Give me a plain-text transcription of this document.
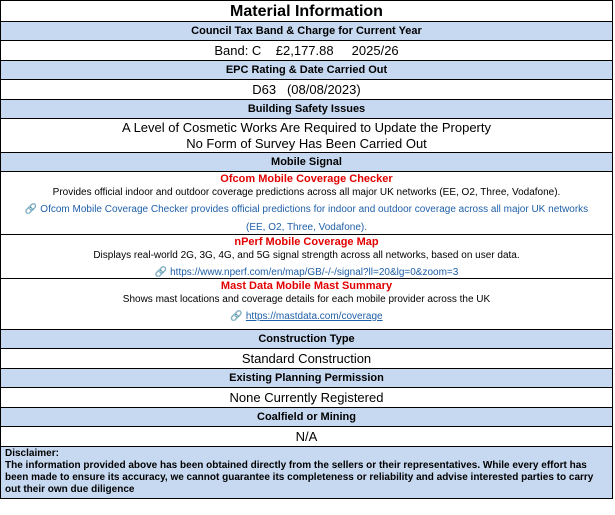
Material Information
Council Tax Band & Charge for Current Year
Band: C    £2,177.88     2025/26
EPC Rating & Date Carried Out
D63   (08/08/2023)
Building Safety Issues
A Level of Cosmetic Works Are Required to Update the Property
No Form of Survey Has Been Carried Out
Mobile Signal
Ofcom Mobile Coverage Checker
Provides official indoor and outdoor coverage predictions across all major UK networks (EE, O2, Three, Vodafone).
🔗 Ofcom Mobile Coverage Checker provides official predictions for indoor and outdoor coverage across all major UK networks (EE, O2, Three, Vodafone).
nPerf Mobile Coverage Map
Displays real-world 2G, 3G, 4G, and 5G signal strength across all networks, based on user data.
🔗 https://www.nperf.com/en/map/GB/-/-/signal?ll=20&lg=0&zoom=3
Mast Data Mobile Mast Summary
Shows mast locations and coverage details for each mobile provider across the UK
🔗 https://mastdata.com/coverage
Construction Type
Standard Construction
Existing Planning Permission
None Currently Registered
Coalfield or Mining
N/A
Disclaimer:
The information provided above has been obtained directly from the sellers or their representatives. While every effort has been made to ensure its accuracy, we cannot guarantee its completeness or reliability and advise interested parties to carry out their own due diligence
